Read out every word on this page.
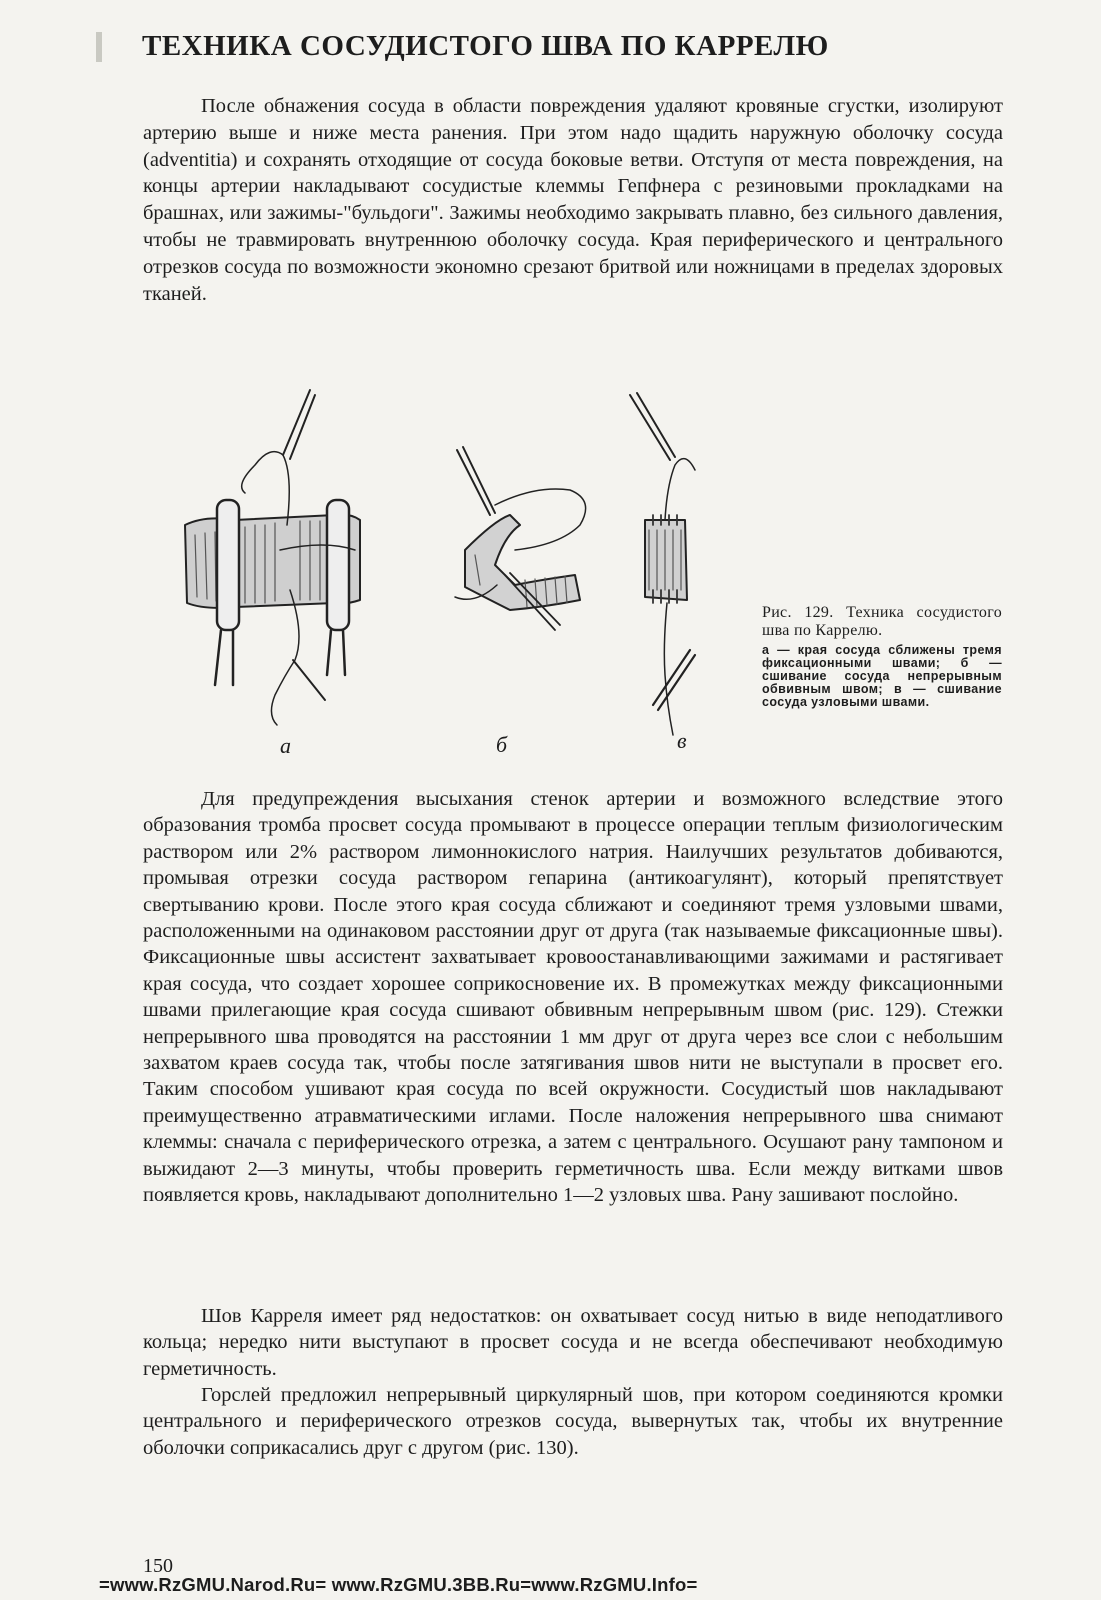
ТЕХНИКА СОСУДИСТОГО ШВА ПО КАРРЕЛЮ

После обнажения сосуда в области повреждения удаляют кровяные сгустки, изолируют артерию выше и ниже места ранения. При этом надо щадить наружную оболочку сосуда (adventitia) и сохранять отходящие от сосуда боковые ветви. Отступя от места повреждения, на концы артерии накладывают сосудистые клеммы Гепфнера с резиновыми прокладками на брашнах, или зажимы-"бульдоги". Зажимы необходимо закрывать плавно, без сильного давления, чтобы не травмировать внутреннюю оболочку сосуда. Края периферического и центрального отрезков сосуда по возможности экономно срезают бритвой или ножницами в пределах здоровых тканей.

а	б	в
Рис. 129. Техника сосудистого шва по Каррелю.
а — края сосуда сближены тремя фиксационными швами; б — сшивание сосуда непрерывным обвивным швом; в — сшивание сосуда узловыми швами.

Для предупреждения высыхания стенок артерии и возможного вследствие этого образования тромба просвет сосуда промывают в процессе операции теплым физиологическим раствором или 2% раствором лимоннокислого натрия. Наилучших результатов добиваются, промывая отрезки сосуда раствором гепарина (антикоагулянт), который препятствует свертыванию крови. После этого края сосуда сближают и соединяют тремя узловыми швами, расположенными на одинаковом расстоянии друг от друга (так называемые фиксационные швы). Фиксационные швы ассистент захватывает кровоостанавливающими зажимами и растягивает края сосуда, что создает хорошее соприкосновение их. В промежутках между фиксационными швами прилегающие края сосуда сшивают обвивным непрерывным швом (рис. 129). Стежки непрерывного шва проводятся на расстоянии 1 мм друг от друга через все слои с небольшим захватом краев сосуда так, чтобы после затягивания швов нити не выступали в просвет его. Таким способом ушивают края сосуда по всей окружности. Сосудистый шов накладывают преимущественно атравматическими иглами. После наложения непрерывного шва снимают клеммы: сначала с периферического отрезка, а затем с центрального. Осушают рану тампоном и выжидают 2—3 минуты, чтобы проверить герметичность шва. Если между витками швов появляется кровь, накладывают дополнительно 1—2 узловых шва. Рану зашивают послойно.

Шов Карреля имеет ряд недостатков: он охватывает сосуд нитью в виде неподатливого кольца; нередко нити выступают в просвет сосуда и не всегда обеспечивают необходимую герметичность.

Горслей предложил непрерывный циркулярный шов, при котором соединяются кромки центрального и периферического отрезков сосуда, вывернутых так, чтобы их внутренние оболочки соприкасались друг с другом (рис. 130).

150
=www.RzGMU.Narod.Ru= www.RzGMU.3BB.Ru=www.RzGMU.Info=
